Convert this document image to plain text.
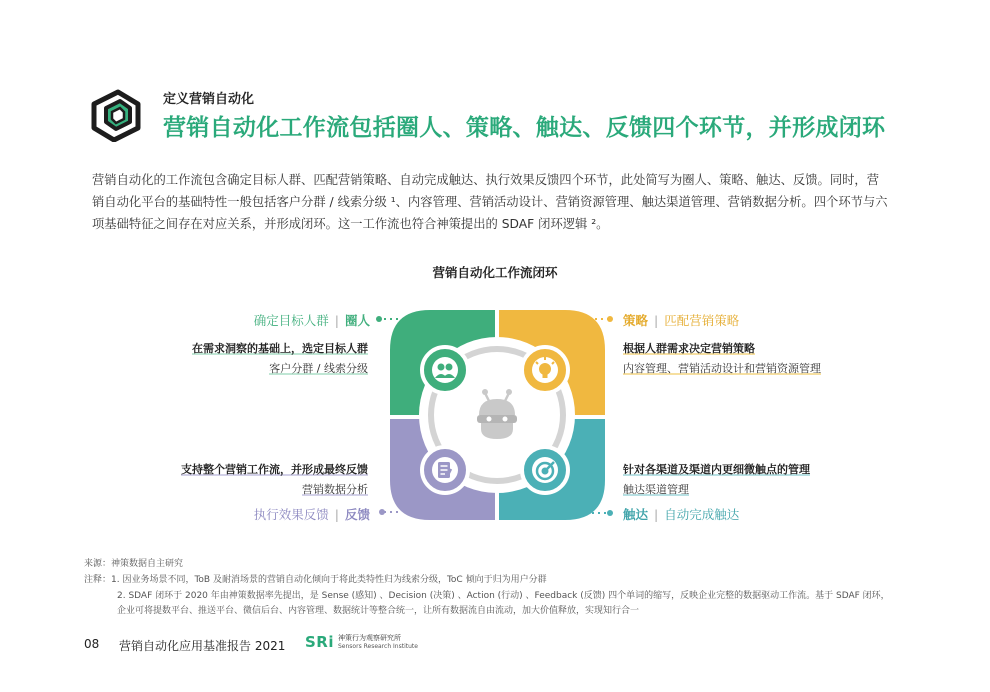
定义营销自动化
营销自动化工作流包括圈人、策略、触达、反馈四个环节，并形成闭环
营销自动化的工作流包含确定目标人群、匹配营销策略、自动完成触达、执行效果反馈四个环节，此处简写为圈人、策略、触达、反馈。同时，营
销自动化平台的基础特性一般包括客户分群 / 线索分级 ¹、内容管理、营销活动设计、营销资源管理、触达渠道管理、营销数据分析。四个环节与六
项基础特征之间存在对应关系，并形成闭环。这一工作流也符合神策提出的 SDAF 闭环逻辑 ²。
营销自动化工作流闭环
确定目标人群 | 圈人
在需求洞察的基础上，选定目标人群
客户分群 / 线索分级
策略 | 匹配营销策略
根据人群需求决定营销策略
内容管理、营销活动设计和营销资源管理
针对各渠道及渠道内更细微触点的管理
触达渠道管理
触达 | 自动完成触达
支持整个营销工作流，并形成最终反馈
营销数据分析
执行效果反馈 | 反馈
来源：神策数据自主研究
注释：1. 因业务场景不同，ToB 及耐消场景的营销自动化倾向于将此类特性归为线索分级，ToC 倾向于归为用户分群
2. SDAF 闭环于 2020 年由神策数据率先提出，是 Sense (感知) 、Decision (决策) 、Action (行动) 、Feedback (反馈) 四个单词的缩写，反映企业完整的数据驱动工作流。基于 SDAF 闭环，
企业可将提数平台、推送平台、微信后台、内容管理、数据统计等整合统一，让所有数据流自由流动，加大价值释放，实现知行合一
08 营销自动化应用基准报告 2021 SRi 神策行为观察研究所
Sensors Research Institute
